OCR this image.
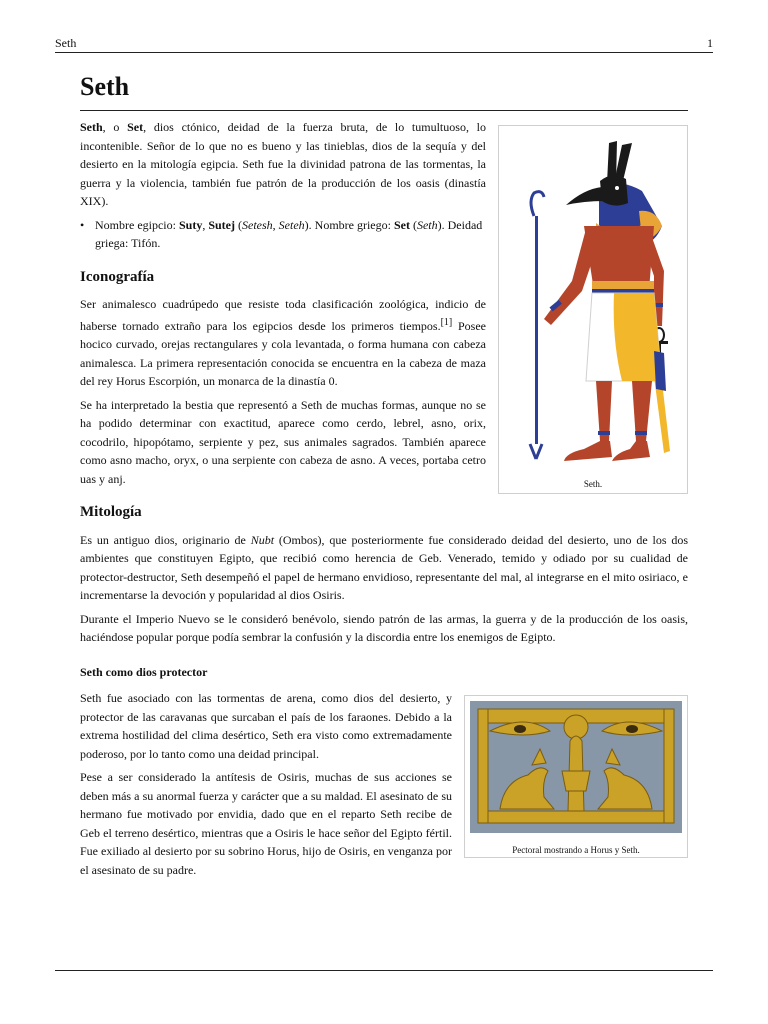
Seth	1
Seth
Seth.

Seth, o Set, dios ctónico, deidad de la fuerza bruta, de lo tumultuoso, lo incontenible. Señor de lo que no es bueno y las tinieblas, dios de la sequía y del desierto en la mitología egipcia. Seth fue la divinidad patrona de las tormentas, la guerra y la violencia, también fue patrón de la producción de los oasis (dinastía XIX).

• Nombre egipcio: Suty, Sutej (Setesh, Seteh). Nombre griego: Set (Seth). Deidad griega: Tifón.
Iconografía

Ser animalesco cuadrúpedo que resiste toda clasificación zoológica, indicio de haberse tornado extraño para los egipcios desde los primeros tiempos.[1] Posee hocico curvado, orejas rectangulares y cola levantada, o forma humana con cabeza animalesca. La primera representación conocida se encuentra en la cabeza de maza del rey Horus Escorpión, un monarca de la dinastía 0.

Se ha interpretado la bestia que representó a Seth de muchas formas, aunque no se ha podido determinar con exactitud, aparece como cerdo, lebrel, asno, orix, cocodrilo, hipopótamo, serpiente y pez, sus animales sagrados. También aparece como asno macho, oryx, o una serpiente con cabeza de asno. A veces, portaba cetro uas y anj.

Mitología

Es un antiguo dios, originario de Nubt (Ombos), que posteriormente fue considerado deidad del desierto, uno de los dos ambientes que constituyen Egipto, que recibió como herencia de Geb. Venerado, temido y odiado por su cualidad de protector-destructor, Seth desempeñó el papel de hermano envidioso, representante del mal, al integrarse en el mito osiriaco, e incrementarse la devoción y popularidad al dios Osiris.

Durante el Imperio Nuevo se le consideró benévolo, siendo patrón de las armas, la guerra y de la producción de los oasis, haciéndose popular porque podía sembrar la confusión y la discordia entre los enemigos de Egipto.

Seth como dios protector
Pectoral mostrando a Horus y Seth.

Seth fue asociado con las tormentas de arena, como dios del desierto, y protector de las caravanas que surcaban el país de los faraones. Debido a la extrema hostilidad del clima desértico, Seth era visto como extremadamente poderoso, por lo tanto como una deidad principal.

Pese a ser considerado la antítesis de Osiris, muchas de sus acciones se deben más a su anormal fuerza y carácter que a su maldad. El asesinato de su hermano fue motivado por envidia, dado que en el reparto Seth recibe de Geb el terreno desértico, mientras que a Osiris le hace señor del Egipto fértil. Fue exiliado al desierto por su sobrino Horus, hijo de Osiris, en venganza por el asesinato de su padre.
